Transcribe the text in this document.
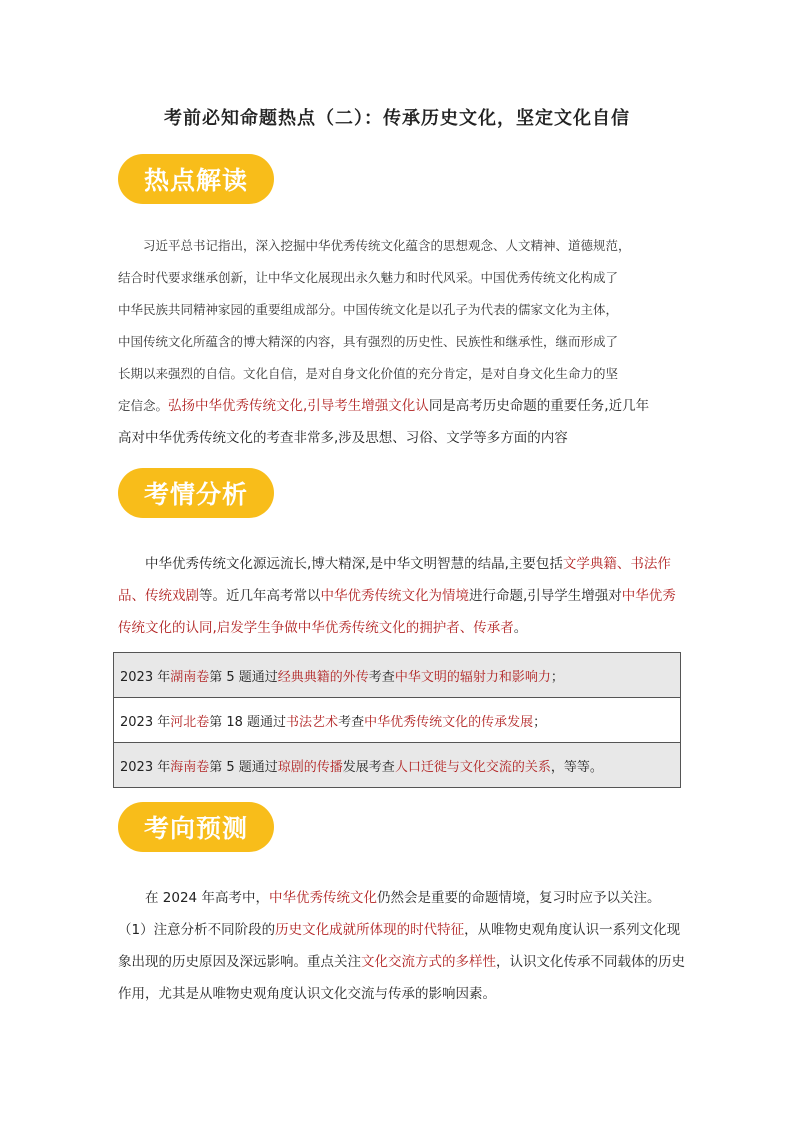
考前必知命题热点（二）：传承历史文化，坚定文化自信
热点解读
习近平总书记指出，深入挖掘中华优秀传统文化蕴含的思想观念、人文精神、道德规范，
结合时代要求继承创新，让中华文化展现出永久魅力和时代风采。中国优秀传统文化构成了
中华民族共同精神家园的重要组成部分。中国传统文化是以孔子为代表的儒家文化为主体，
中国传统文化所蕴含的博大精深的内容，具有强烈的历史性、民族性和继承性，继而形成了
长期以来强烈的自信。文化自信，是对自身文化价值的充分肯定，是对自身文化生命力的坚
定信念。弘扬中华优秀传统文化,引导考生增强文化认同是高考历史命题的重要任务,近几年
高对中华优秀传统文化的考查非常多,涉及思想、习俗、文学等多方面的内容
考情分析

中华优秀传统文化源远流长,博大精深,是中华文明智慧的结晶,主要包括文学典籍、书法作品、传统戏剧等。近几年高考常以中华优秀传统文化为情境进行命题,引导学生增强对中华优秀传统文化的认同,启发学生争做中华优秀传统文化的拥护者、传承者。

2023 年湖南卷第 5 题通过经典典籍的外传考查中华文明的辐射力和影响力；
2023 年河北卷第 18 题通过书法艺术考查中华优秀传统文化的传承发展；
2023 年海南卷第 5 题通过琼剧的传播发展考查人口迁徙与文化交流的关系，等等。
考向预测

在 2024 年高考中，中华优秀传统文化仍然会是重要的命题情境，复习时应予以关注。

（1）注意分析不同阶段的历史文化成就所体现的时代特征，从唯物史观角度认识一系列文化现象出现的历史原因及深远影响。重点关注文化交流方式的多样性，认识文化传承不同载体的历史作用，尤其是从唯物史观角度认识文化交流与传承的影响因素。
